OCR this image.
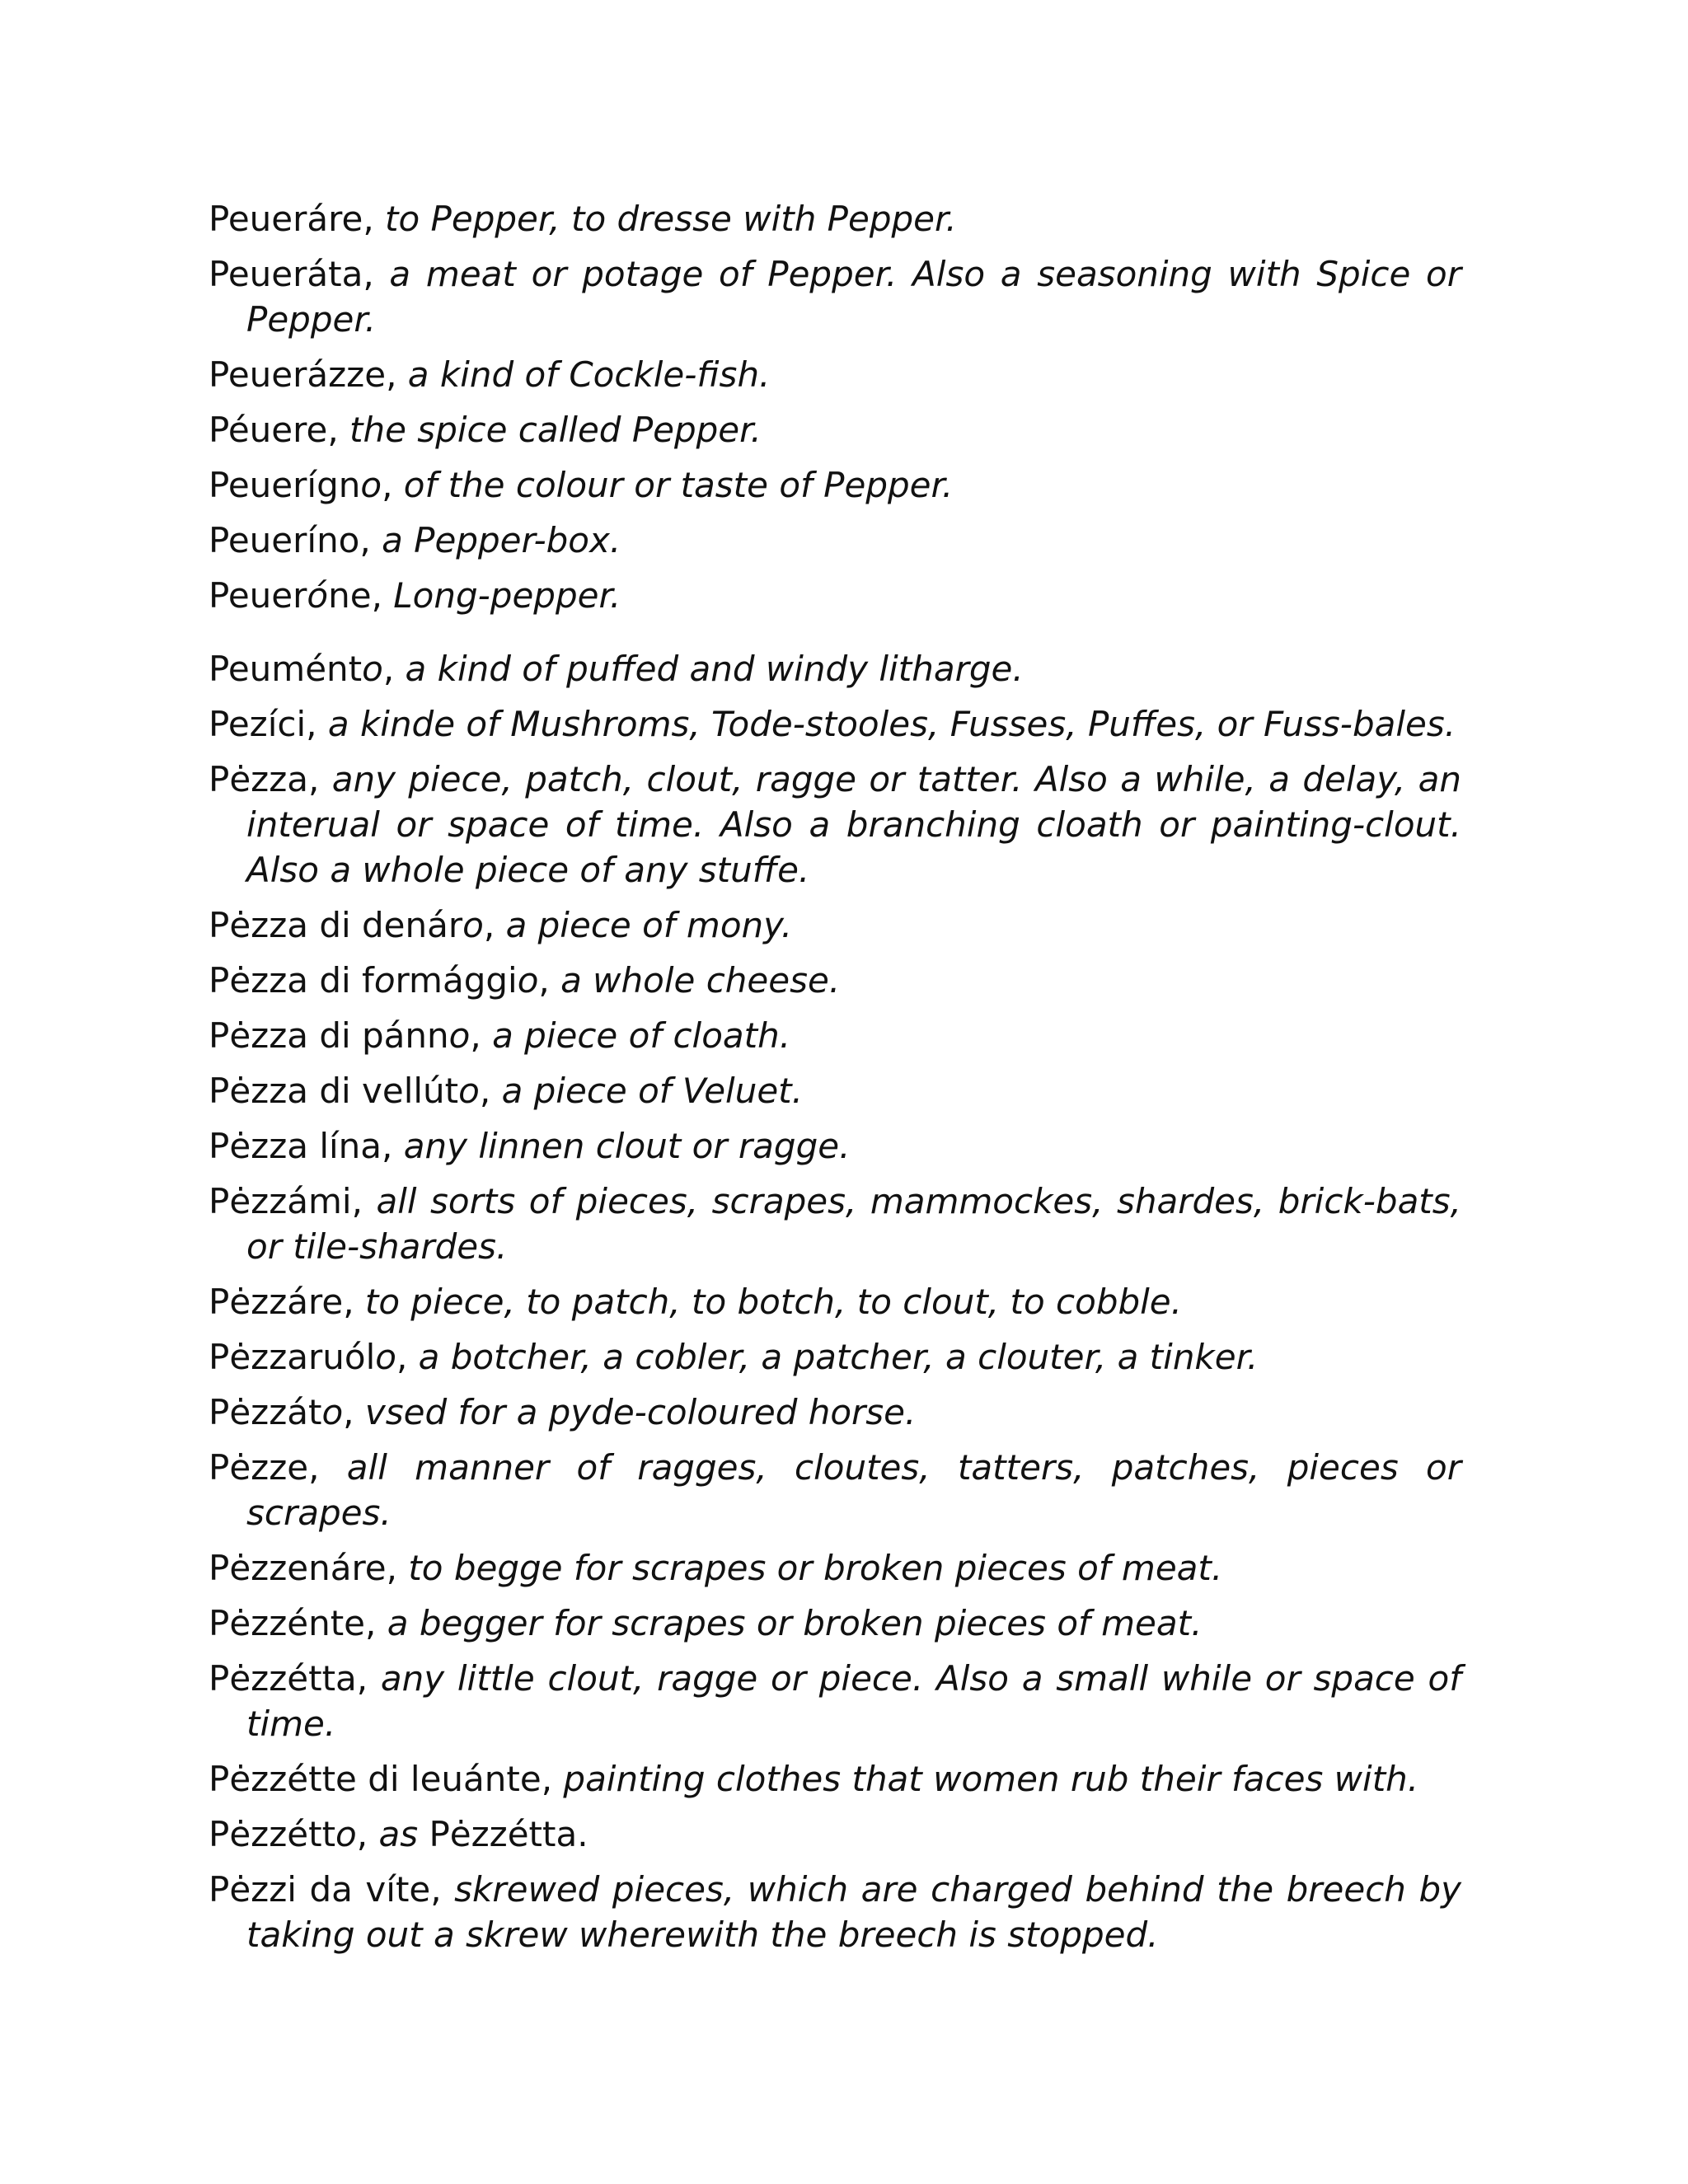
Peueráre, to Pepper, to dresse with Pepper.
Peueráta, a meat or potage of Pepper. Also a seasoning with Spice or Pepper.
Peuerázze, a kind of Cockle-fish.
Péuere, the spice called Pepper.
Peuerígno, of the colour or taste of Pepper.
Peueríno, a Pepper-box.
Peueróne, Long-pepper.
Peuménto, a kind of puffed and windy litharge.
Pezíci, a kinde of Mushroms, Tode-stooles, Fusses, Puffes, or Fuss-bales.
Pėzza, any piece, patch, clout, ragge or tatter. Also a while, a delay, an interual or space of time. Also a branching cloath or painting-clout. Also a whole piece of any stuffe.
Pėzza di denáro, a piece of mony.
Pėzza di formággio, a whole cheese.
Pėzza di pánno, a piece of cloath.
Pėzza di vellúto, a piece of Veluet.
Pėzza lína, any linnen clout or ragge.
Pėzzámi, all sorts of pieces, scrapes, mammockes, shardes, brick-bats, or tile-shardes.
Pėzzáre, to piece, to patch, to botch, to clout, to cobble.
Pėzzaruólo, a botcher, a cobler, a patcher, a clouter, a tinker.
Pėzzáto, vsed for a pyde-coloured horse.
Pėzze, all manner of ragges, cloutes, tatters, patches, pieces or scrapes.
Pėzzenáre, to begge for scrapes or broken pieces of meat.
Pėzzénte, a begger for scrapes or broken pieces of meat.
Pėzzétta, any little clout, ragge or piece. Also a small while or space of time.
Pėzzétte di leuánte, painting clothes that women rub their faces with.
Pėzzétto, as Pėzzétta.
Pėzzi da víte, skrewed pieces, which are charged behind the breech by taking out a skrew wherewith the breech is stopped.
